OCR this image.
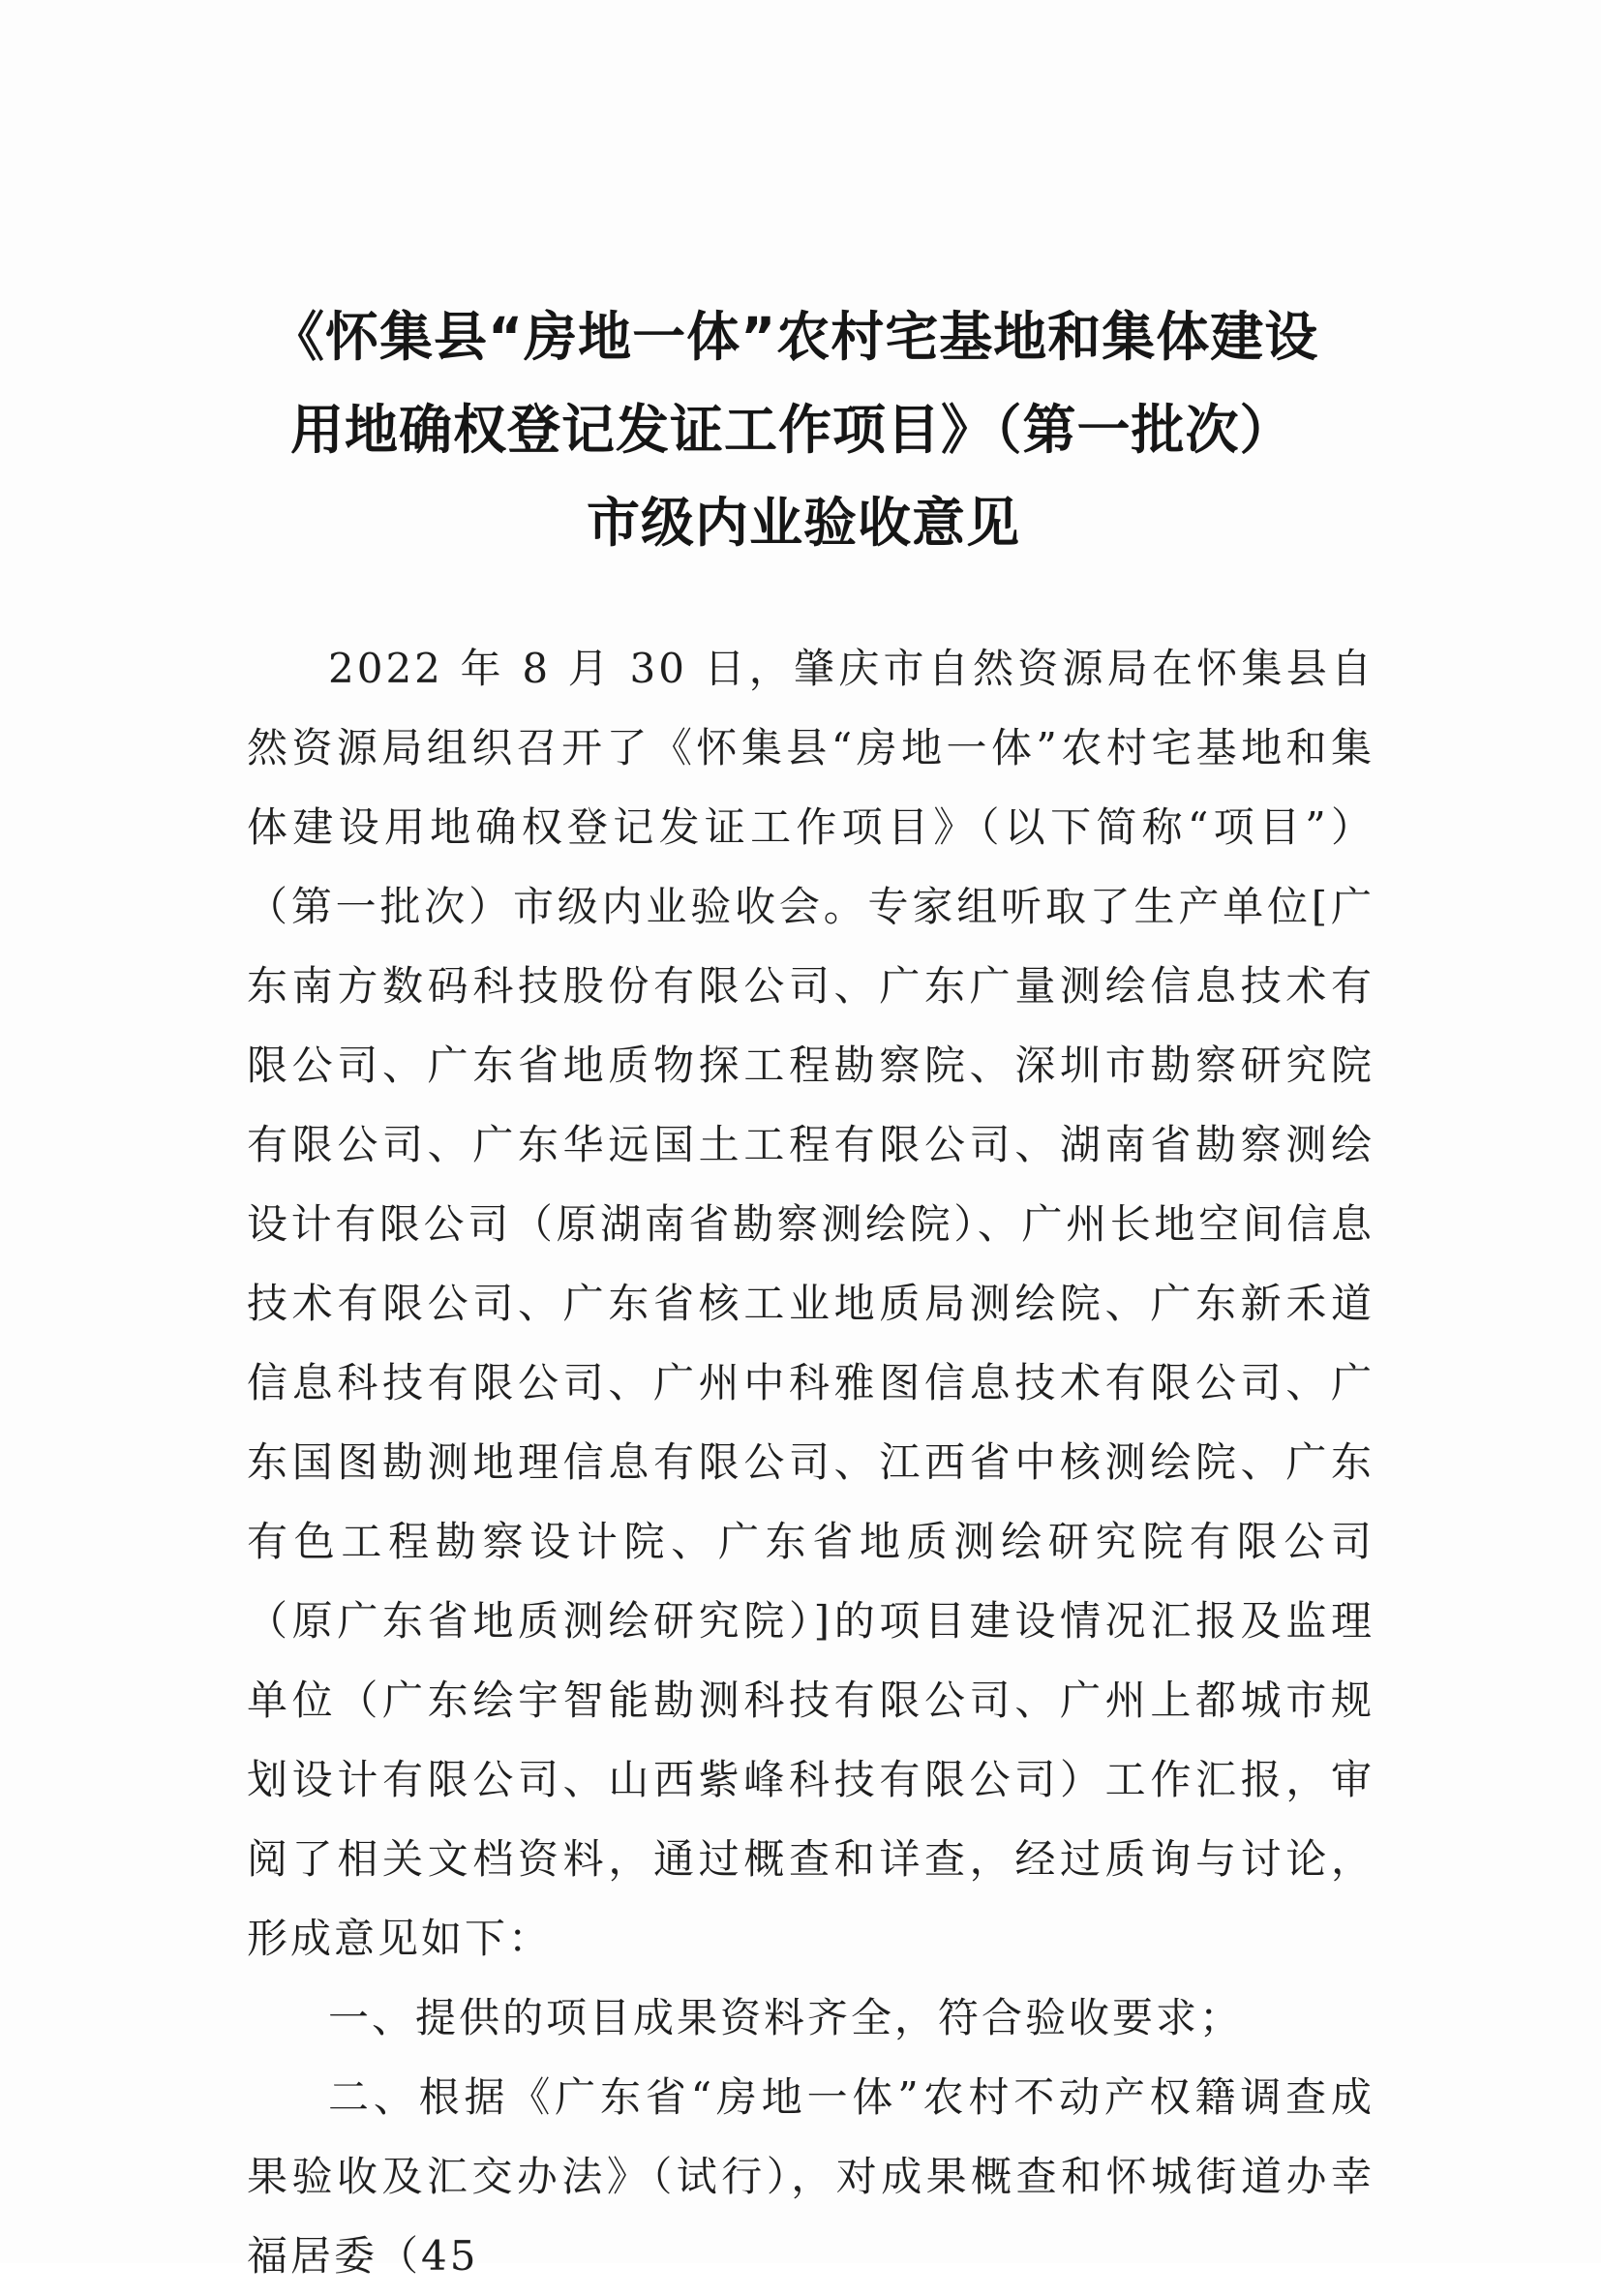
《怀集县“房地一体”农村宅基地和集体建设
用地确权登记发证工作项目》（第一批次）
市级内业验收意见

2022 年 8 月 30 日，肇庆市自然资源局在怀集县自然资源局组织召开了《怀集县“房地一体”农村宅基地和集体建设用地确权登记发证工作项目》（以下简称“项目”）（第一批次）市级内业验收会。专家组听取了生产单位[广东南方数码科技股份有限公司、广东广量测绘信息技术有限公司、广东省地质物探工程勘察院、深圳市勘察研究院有限公司、广东华远国土工程有限公司、湖南省勘察测绘设计有限公司（原湖南省勘察测绘院）、广州长地空间信息技术有限公司、广东省核工业地质局测绘院、广东新禾道信息科技有限公司、广州中科雅图信息技术有限公司、广东国图勘测地理信息有限公司、江西省中核测绘院、广东有色工程勘察设计院、广东省地质测绘研究院有限公司（原广东省地质测绘研究院）]的项目建设情况汇报及监理单位（广东绘宇智能勘测科技有限公司、广州上都城市规划设计有限公司、山西紫峰科技有限公司）工作汇报，审阅了相关文档资料，通过概查和详查，经过质询与讨论，形成意见如下：

一、提供的项目成果资料齐全，符合验收要求；

二、根据《广东省“房地一体”农村不动产权籍调查成果验收及汇交办法》（试行），对成果概查和怀城街道办幸福居委（45
